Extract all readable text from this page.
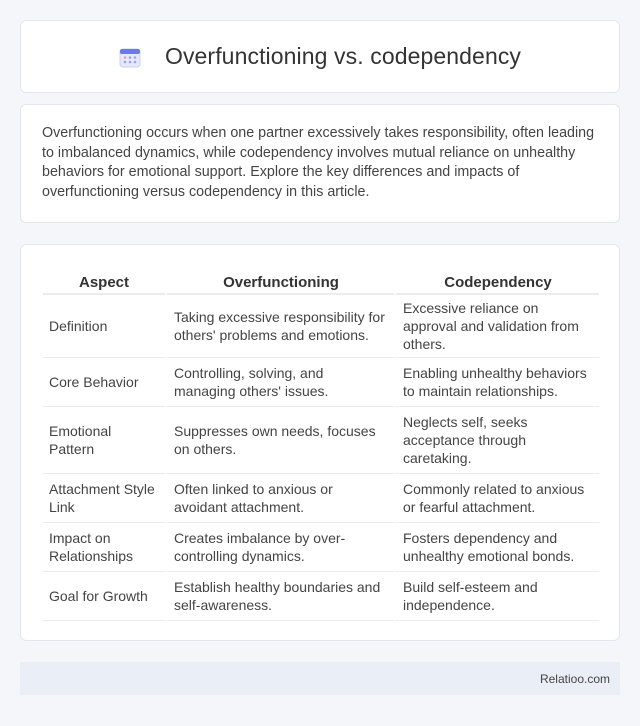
Overfunctioning vs. codependency

Overfunctioning occurs when one partner excessively takes responsibility, often leading to imbalanced dynamics, while codependency involves mutual reliance on unhealthy behaviors for emotional support. Explore the key differences and impacts of overfunctioning versus codependency in this article.

Aspect	Overfunctioning	Codependency
Definition	Taking excessive responsibility for others' problems and emotions.	Excessive reliance on approval and validation from others.
Core Behavior	Controlling, solving, and managing others' issues.	Enabling unhealthy behaviors to maintain relationships.
Emotional Pattern	Suppresses own needs, focuses on others.	Neglects self, seeks acceptance through caretaking.
Attachment Style Link	Often linked to anxious or avoidant attachment.	Commonly related to anxious or fearful attachment.
Impact on Relationships	Creates imbalance by over-controlling dynamics.	Fosters dependency and unhealthy emotional bonds.
Goal for Growth	Establish healthy boundaries and self-awareness.	Build self-esteem and independence.
Relatioo.com
